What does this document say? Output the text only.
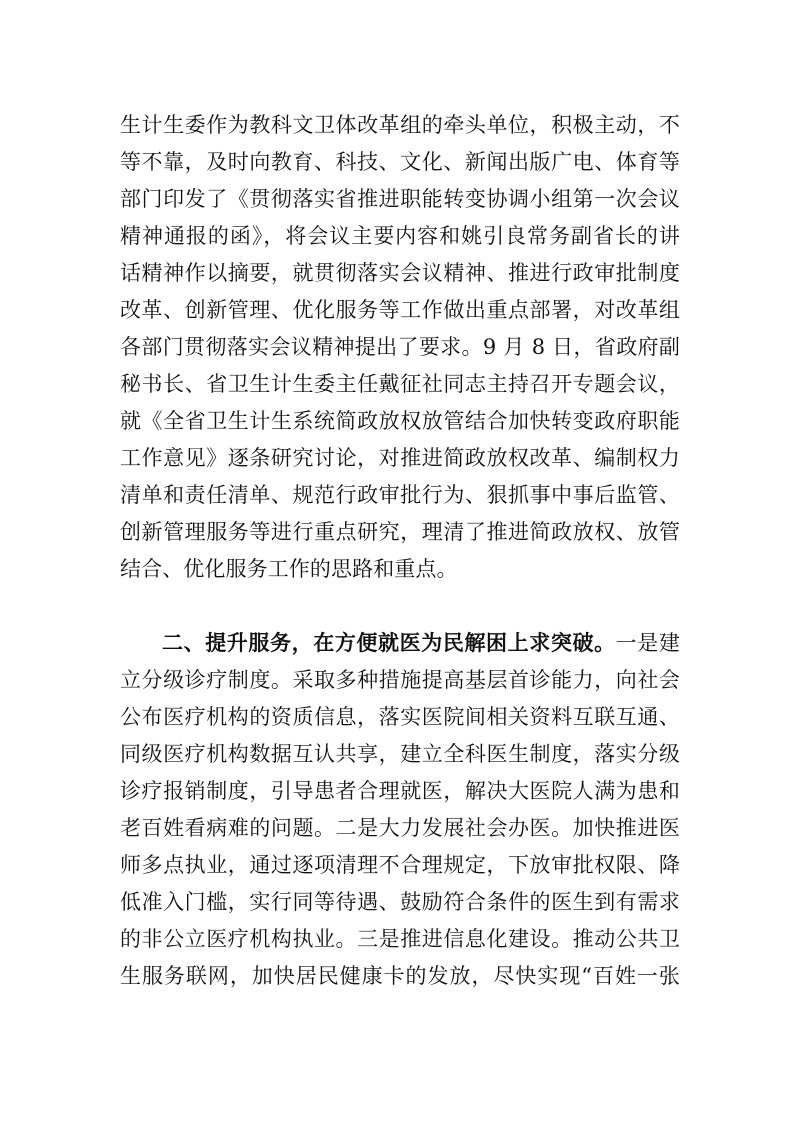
生计生委作为教科文卫体改革组的牵头单位，积极主动，不
等不靠，及时向教育、科技、文化、新闻出版广电、体育等
部门印发了《贯彻落实省推进职能转变协调小组第一次会议
精神通报的函》，将会议主要内容和姚引良常务副省长的讲
话精神作以摘要，就贯彻落实会议精神、推进行政审批制度
改革、创新管理、优化服务等工作做出重点部署，对改革组
各部门贯彻落实会议精神提出了要求。9 月 8 日，省政府副
秘书长、省卫生计生委主任戴征社同志主持召开专题会议，
就《全省卫生计生系统简政放权放管结合加快转变政府职能
工作意见》逐条研究讨论，对推进简政放权改革、编制权力
清单和责任清单、规范行政审批行为、狠抓事中事后监管、
创新管理服务等进行重点研究，理清了推进简政放权、放管
结合、优化服务工作的思路和重点。
二、提升服务，在方便就医为民解困上求突破。一是建
立分级诊疗制度。采取多种措施提高基层首诊能力，向社会
公布医疗机构的资质信息，落实医院间相关资料互联互通、
同级医疗机构数据互认共享，建立全科医生制度，落实分级
诊疗报销制度，引导患者合理就医，解决大医院人满为患和
老百姓看病难的问题。二是大力发展社会办医。加快推进医
师多点执业，通过逐项清理不合理规定，下放审批权限、降
低准入门槛，实行同等待遇、鼓励符合条件的医生到有需求
的非公立医疗机构执业。三是推进信息化建设。推动公共卫
生服务联网，加快居民健康卡的发放，尽快实现“百姓一张
